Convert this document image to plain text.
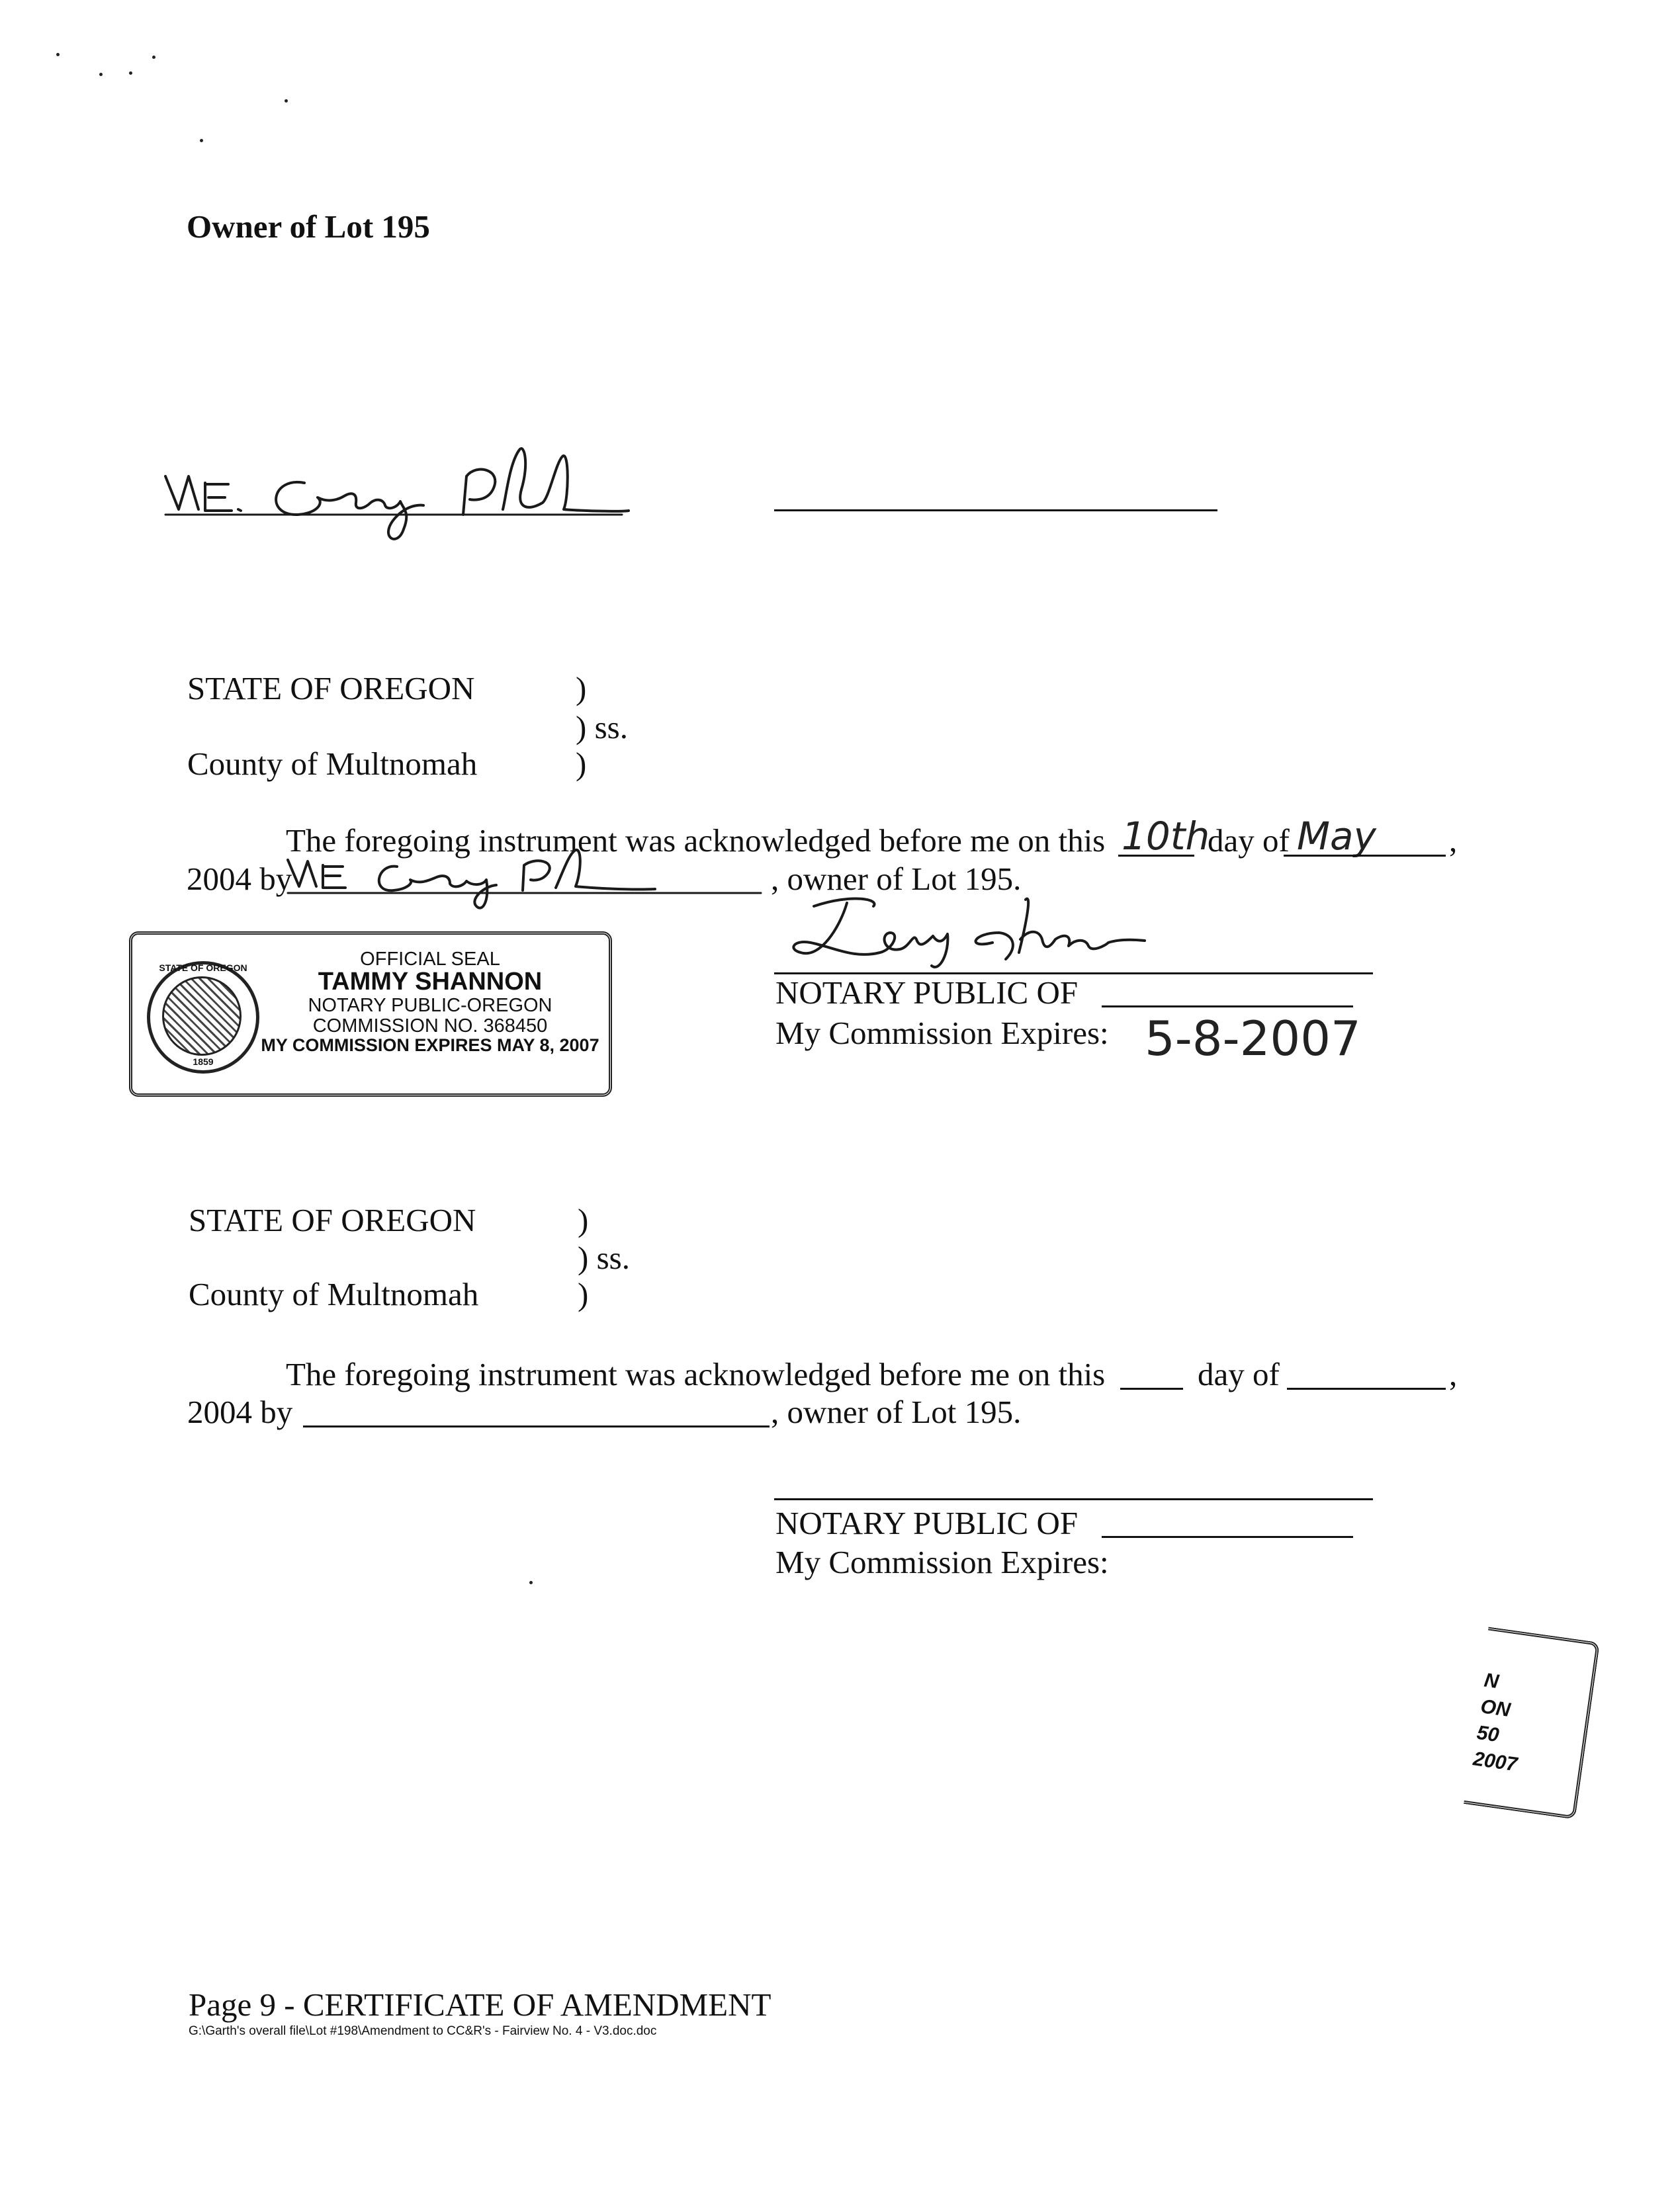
Owner of Lot 195
STATE OF OREGON	)
) ss.
County of Multnomah	)
The foregoing instrument was acknowledged before me on this 10th
day of May ,
2004 by	, owner of Lot 195.
NOTARY PUBLIC OF
My Commission Expires: 5-8-2007
STATE OF OREGON
1859
OFFICIAL SEAL
TAMMY SHANNON
NOTARY PUBLIC-OREGON
COMMISSION NO. 368450
MY COMMISSION EXPIRES MAY 8, 2007
STATE OF OREGON	)
) ss.
County of Multnomah	)
The foregoing instrument was acknowledged before me on this	day of	,
2004 by	, owner of Lot 195.
NOTARY PUBLIC OF
My Commission Expires:
N
ON
50
2007
Page 9 - CERTIFICATE OF AMENDMENT
G:\Garth's overall file\Lot #198\Amendment to CC&R's - Fairview No. 4 - V3.doc.doc
